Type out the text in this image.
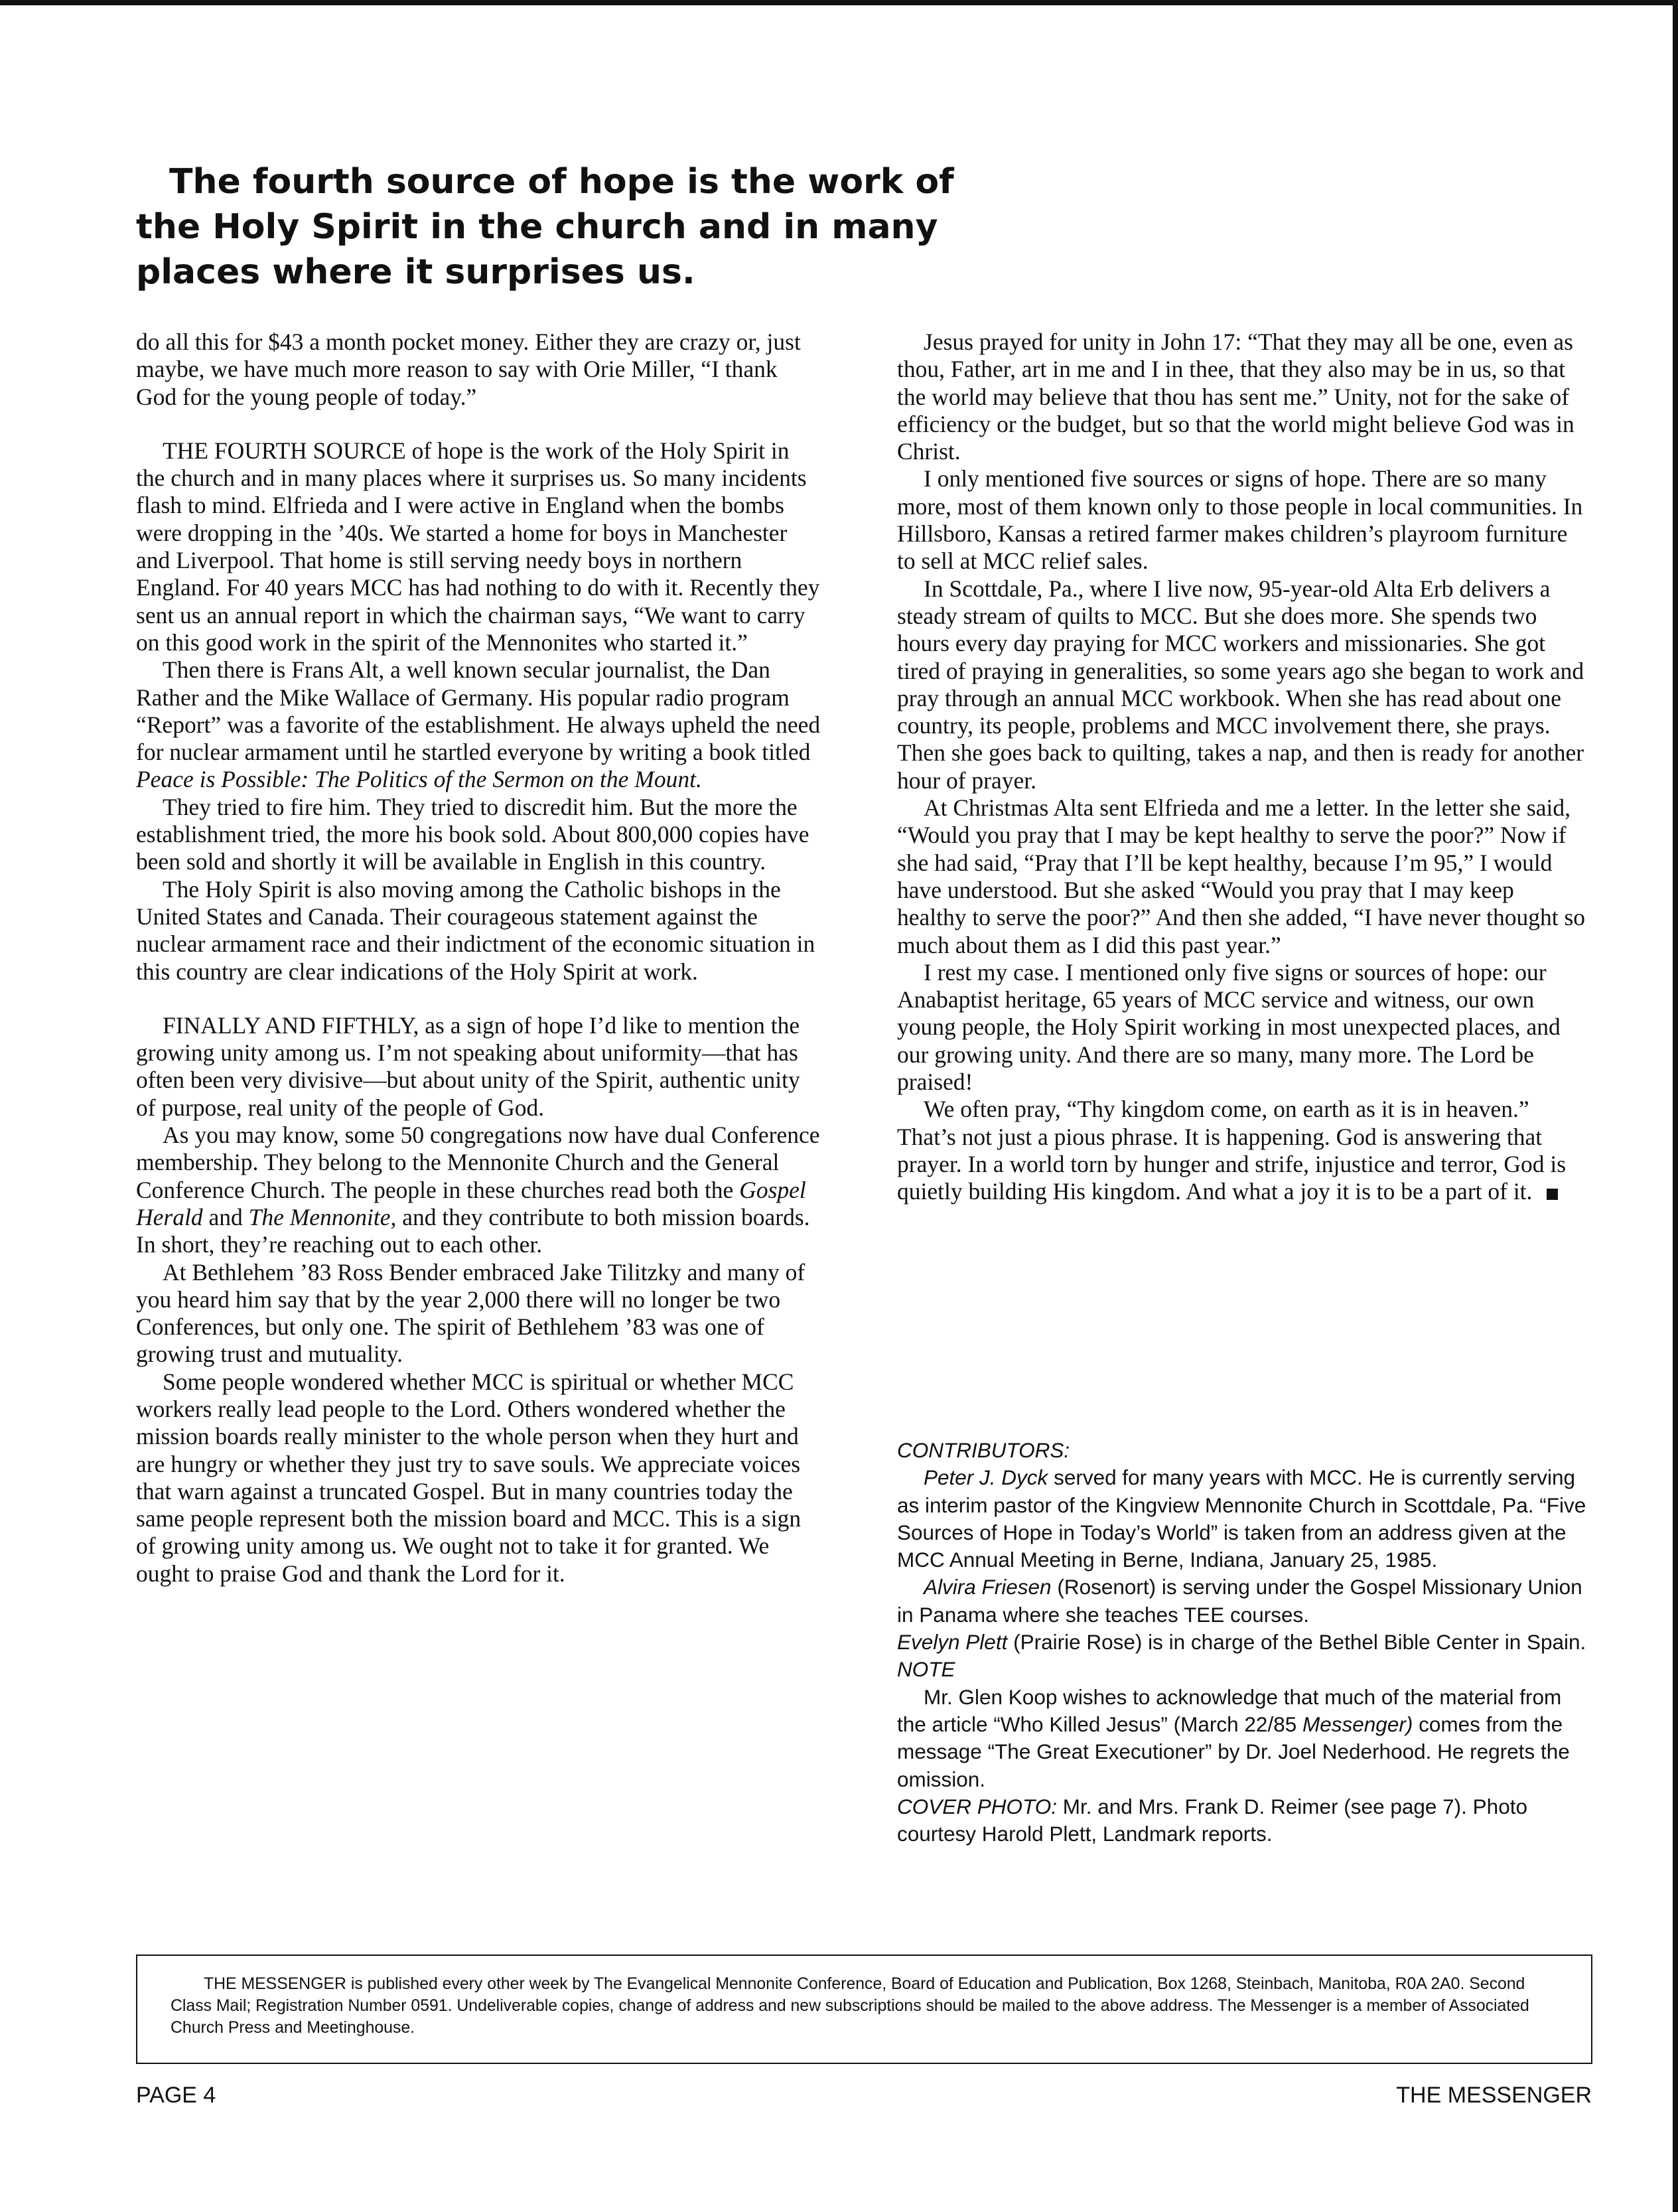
The fourth source of hope is the work of
the Holy Spirit in the church and in many
places where it surprises us.

do all this for $43 a month pocket money. Either they are crazy or, just maybe, we have much more reason to say with Orie Miller, “I thank God for the young people of today.”

THE FOURTH SOURCE of hope is the work of the Holy Spirit in the church and in many places where it surprises us. So many incidents flash to mind. Elfrieda and I were active in England when the bombs were dropping in the ’40s. We started a home for boys in Manchester and Liverpool. That home is still serving needy boys in northern England. For 40 years MCC has had nothing to do with it. Recently they sent us an annual report in which the chairman says, “We want to carry on this good work in the spirit of the Mennonites who started it.”

Then there is Frans Alt, a well known secular journalist, the Dan Rather and the Mike Wallace of Germany. His popular radio program “Report” was a favorite of the establishment. He always upheld the need for nuclear armament until he startled everyone by writing a book titled Peace is Possible: The Politics of the Sermon on the Mount.

They tried to fire him. They tried to discredit him. But the more the establishment tried, the more his book sold. About 800,000 copies have been sold and shortly it will be available in English in this country.

The Holy Spirit is also moving among the Catholic bishops in the United States and Canada. Their courageous statement against the nuclear armament race and their indictment of the economic situation in this country are clear indications of the Holy Spirit at work.

FINALLY AND FIFTHLY, as a sign of hope I’d like to mention the growing unity among us. I’m not speaking about uniformity—that has often been very divisive—but about unity of the Spirit, authentic unity of purpose, real unity of the people of God.

As you may know, some 50 congregations now have dual Conference membership. They belong to the Mennonite Church and the General Conference Church. The people in these churches read both the Gospel Herald and The Mennonite, and they contribute to both mission boards. In short, they’re reaching out to each other.

At Bethlehem ’83 Ross Bender embraced Jake Tilitzky and many of you heard him say that by the year 2,000 there will no longer be two Conferences, but only one. The spirit of Bethlehem ’83 was one of growing trust and mutuality.

Some people wondered whether MCC is spiritual or whether MCC workers really lead people to the Lord. Others wondered whether the mission boards really minister to the whole person when they hurt and are hungry or whether they just try to save souls. We appreciate voices that warn against a truncated Gospel. But in many countries today the same people represent both the mission board and MCC. This is a sign of growing unity among us. We ought not to take it for granted. We ought to praise God and thank the Lord for it.

Jesus prayed for unity in John 17: “That they may all be one, even as thou, Father, art in me and I in thee, that they also may be in us, so that the world may believe that thou has sent me.” Unity, not for the sake of efficiency or the budget, but so that the world might believe God was in Christ.

I only mentioned five sources or signs of hope. There are so many more, most of them known only to those people in local communities. In Hillsboro, Kansas a retired farmer makes children’s playroom furniture to sell at MCC relief sales.

In Scottdale, Pa., where I live now, 95-year-old Alta Erb delivers a steady stream of quilts to MCC. But she does more. She spends two hours every day praying for MCC workers and missionaries. She got tired of praying in generalities, so some years ago she began to work and pray through an annual MCC workbook. When she has read about one country, its people, problems and MCC involvement there, she prays. Then she goes back to quilting, takes a nap, and then is ready for another hour of prayer.

At Christmas Alta sent Elfrieda and me a letter. In the letter she said, “Would you pray that I may be kept healthy to serve the poor?” Now if she had said, “Pray that I’ll be kept healthy, because I’m 95,” I would have understood. But she asked “Would you pray that I may keep healthy to serve the poor?” And then she added, “I have never thought so much about them as I did this past year.”

I rest my case. I mentioned only five signs or sources of hope: our Anabaptist heritage, 65 years of MCC service and witness, our own young people, the Holy Spirit working in most unexpected places, and our growing unity. And there are so many, many more. The Lord be praised!

We often pray, “Thy kingdom come, on earth as it is in heaven.” That’s not just a pious phrase. It is happening. God is answering that prayer. In a world torn by hunger and strife, injustice and terror, God is quietly building His kingdom. And what a joy it is to be a part of it.

CONTRIBUTORS:

Peter J. Dyck served for many years with MCC. He is currently serving as interim pastor of the Kingview Mennonite Church in Scottdale, Pa. “Five Sources of Hope in Today’s World” is taken from an address given at the MCC Annual Meeting in Berne, Indiana, January 25, 1985.

Alvira Friesen (Rosenort) is serving under the Gospel Missionary Union in Panama where she teaches TEE courses.

Evelyn Plett (Prairie Rose) is in charge of the Bethel Bible Center in Spain.

NOTE

Mr. Glen Koop wishes to acknowledge that much of the material from the article “Who Killed Jesus” (March 22/85 Messenger) comes from the message “The Great Executioner” by Dr. Joel Nederhood. He regrets the omission.

COVER PHOTO: Mr. and Mrs. Frank D. Reimer (see page 7). Photo courtesy Harold Plett, Landmark reports.

THE MESSENGER is published every other week by The Evangelical Mennonite Conference, Board of Education and Publication, Box 1268, Steinbach, Manitoba, R0A 2A0. Second Class Mail; Registration Number 0591. Undeliverable copies, change of address and new subscriptions should be mailed to the above address. The Messenger is a member of Associated Church Press and Meetinghouse.
PAGE 4	THE MESSENGER
